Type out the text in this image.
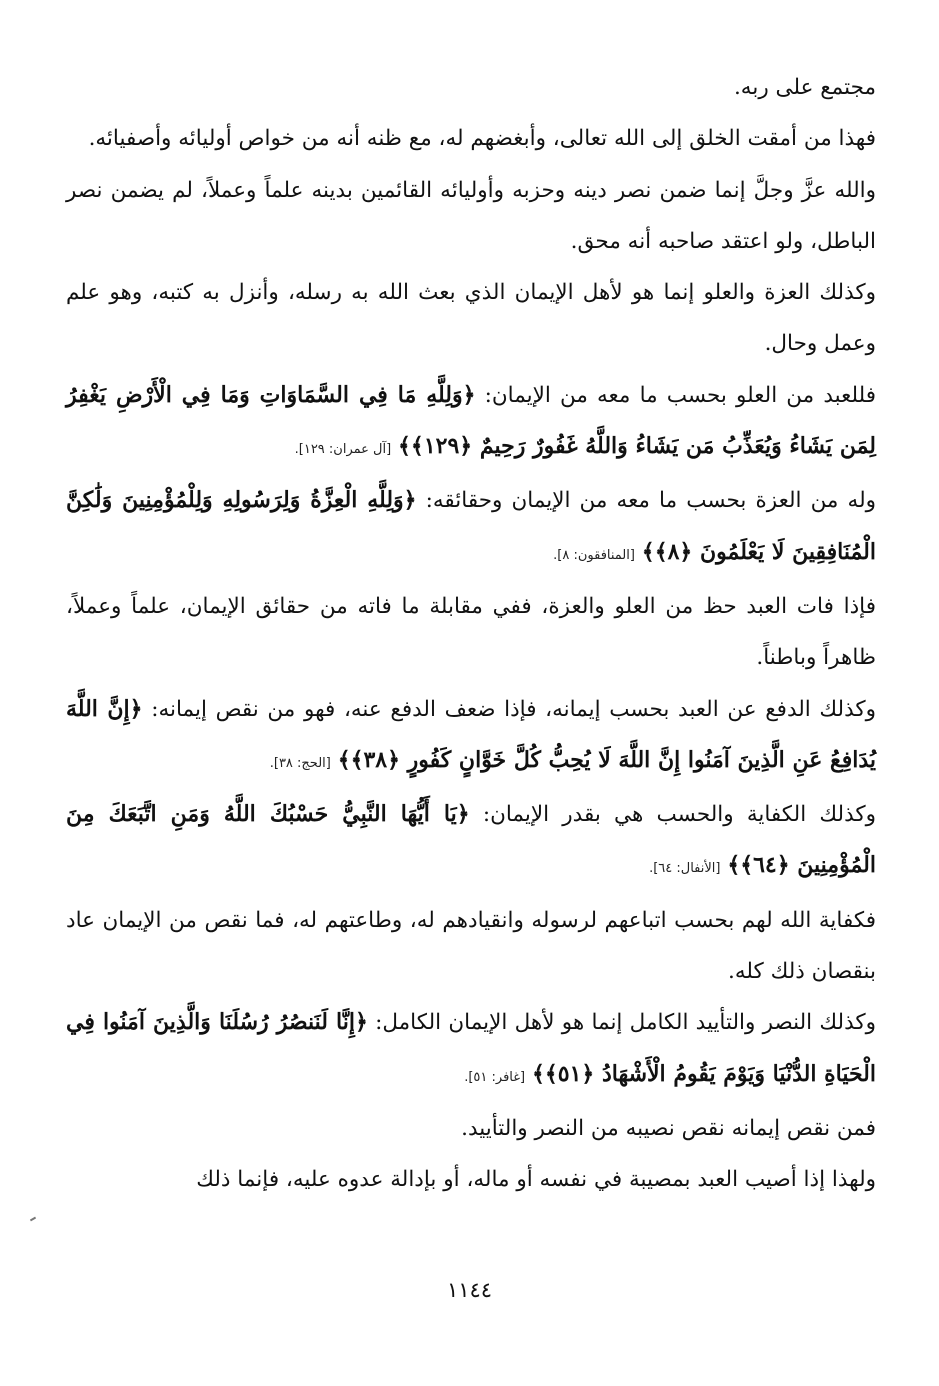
مجتمع على ربه.

فهذا من أمقت الخلق إلى الله تعالى، وأبغضهم له، مع ظنه أنه من خواص أوليائه وأصفيائه.

والله عزَّ وجلَّ إنما ضمن نصر دينه وحزبه وأوليائه القائمين بدينه علماً وعملاً، لم يضمن نصر الباطل، ولو اعتقد صاحبه أنه محق.

وكذلك العزة والعلو إنما هو لأهل الإيمان الذي بعث الله به رسله، وأنزل به كتبه، وهو علم وعمل وحال.

فللعبد من العلو بحسب ما معه من الإيمان: ﴿وَلِلَّهِ مَا فِي السَّمَاوَاتِ وَمَا فِي الْأَرْضِ يَغْفِرُ لِمَن يَشَاءُ وَيُعَذِّبُ مَن يَشَاءُ وَاللَّهُ غَفُورٌ رَحِيمٌ ﴿١٢٩﴾﴾ [آل عمران: ١٢٩].

وله من العزة بحسب ما معه من الإيمان وحقائقه: ﴿وَلِلَّهِ الْعِزَّةُ وَلِرَسُولِهِ وَلِلْمُؤْمِنِينَ وَلَٰكِنَّ الْمُنَافِقِينَ لَا يَعْلَمُونَ ﴿٨﴾﴾ [المنافقون: ٨].

فإذا فات العبد حظ من العلو والعزة، ففي مقابلة ما فاته من حقائق الإيمان، علماً وعملاً، ظاهراً وباطناً.

وكذلك الدفع عن العبد بحسب إيمانه، فإذا ضعف الدفع عنه، فهو من نقص إيمانه: ﴿إِنَّ اللَّهَ يُدَافِعُ عَنِ الَّذِينَ آمَنُوا إِنَّ اللَّهَ لَا يُحِبُّ كُلَّ خَوَّانٍ كَفُورٍ ﴿٣٨﴾﴾ [الحج: ٣٨].

وكذلك الكفاية والحسب هي بقدر الإيمان: ﴿يَا أَيُّهَا النَّبِيُّ حَسْبُكَ اللَّهُ وَمَنِ اتَّبَعَكَ مِنَ الْمُؤْمِنِينَ ﴿٦٤﴾﴾ [الأنفال: ٦٤].

فكفاية الله لهم بحسب اتباعهم لرسوله وانقيادهم له، وطاعتهم له، فما نقص من الإيمان عاد بنقصان ذلك كله.

وكذلك النصر والتأييد الكامل إنما هو لأهل الإيمان الكامل: ﴿إِنَّا لَنَنصُرُ رُسُلَنَا وَالَّذِينَ آمَنُوا فِي الْحَيَاةِ الدُّنْيَا وَيَوْمَ يَقُومُ الْأَشْهَادُ ﴿٥١﴾﴾ [غافر: ٥١].

فمن نقص إيمانه نقص نصيبه من النصر والتأييد.

ولهذا إذا أصيب العبد بمصيبة في نفسه أو ماله، أو بإدالة عدوه عليه، فإنما ذلك

١١٤٤
